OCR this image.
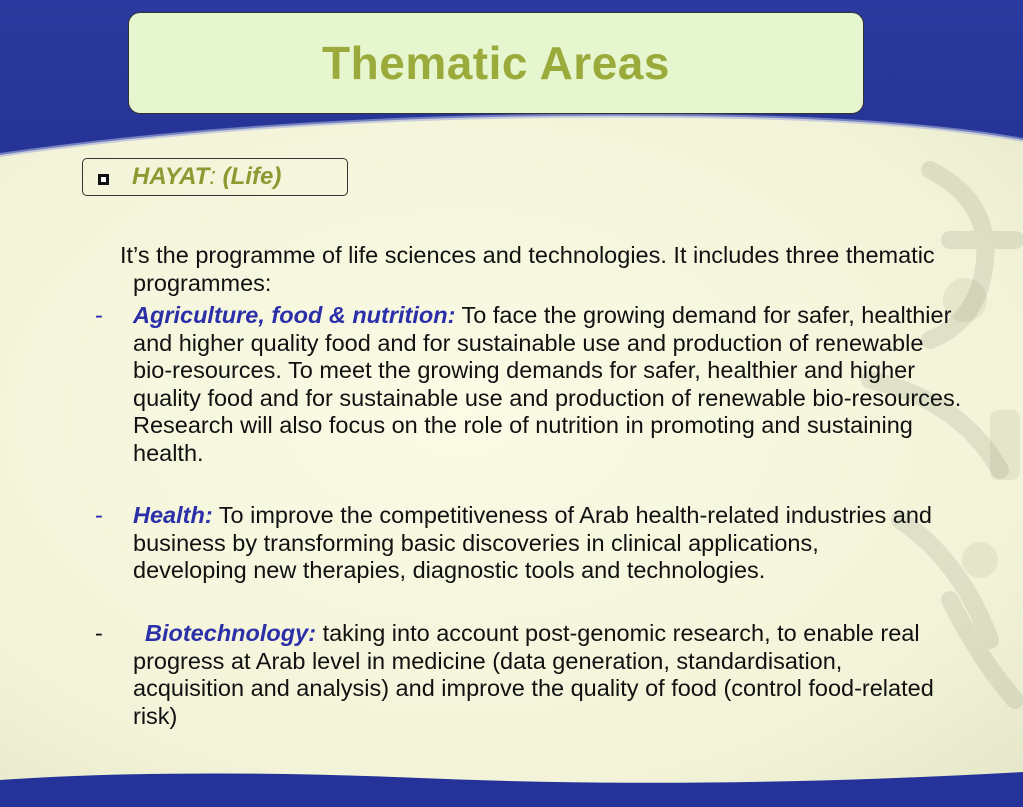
Thematic Areas
HAYAT :
(Life)
It’s the programme of life sciences and technologies. It includes three thematic programmes:
-	Agriculture, food & nutrition: To face the growing demand for safer, healthier and higher quality food and for sustainable use and production of renewable bio-resources. To meet the growing demands for safer, healthier and higher quality food and for sustainable use and production of renewable bio-resources. Research will also focus on the role of nutrition in promoting and sustaining health.
-	Health: To improve the competitiveness of Arab health-related industries and business by transforming basic discoveries in clinical applications, developing new therapies, diagnostic tools and technologies.
-	Biotechnology: taking into account post-genomic research, to enable real progress at Arab level in medicine (data generation, standardisation, acquisition and analysis) and improve the quality of food (control food-related risk)
